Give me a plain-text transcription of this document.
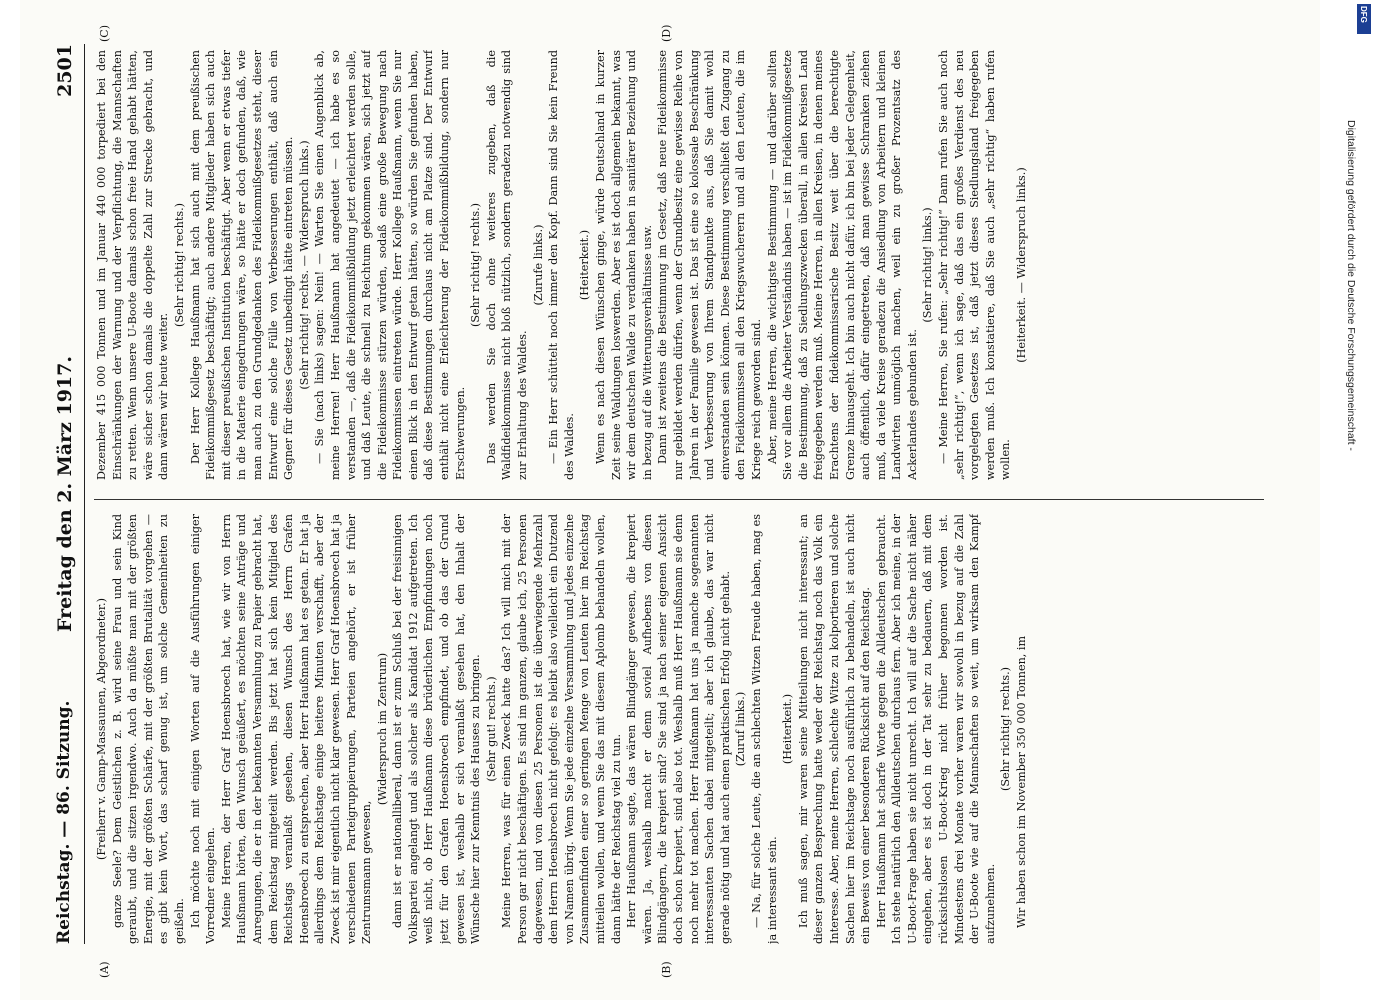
Reichstag. — 86. Sitzung.
Freitag den 2. März 1917.
2501
(A)	(B)
(C)	(D)

(Freiherr v. Gamp-Massaunen, Abgeordneter.) ganze Seele? Dem Geistlichen z. B. wird seine Frau und sein Kind geraubt, und die sitzen irgendwo. Auch da müßte man mit der größten Energie, mit der größten Schärfe, mit der größten Brutalität vorgehen — es gibt kein Wort, das scharf genug ist, um solche Gemeinheiten zu geißeln. Ich möchte noch mit einigen Worten auf die Ausführungen einiger Vorredner eingehen. Meine Herren, der Herr Graf Hoensbroech hat, wie wir von Herrn Haußmann hörten, den Wunsch geäußert, es möchten seine Anträge und Anregungen, die er in der bekannten Versammlung zu Papier gebracht hat, dem Reichstag mitgeteilt werden. Bis jetzt hat sich kein Mitglied des Reichstags veranlaßt gesehen, diesen Wunsch des Herrn Grafen Hoensbroech zu entsprechen, aber Herr Haußmann hat es getan. Er hat ja allerdings dem Reichstage einige heitere Minuten verschafft, aber der Zweck ist mir eigentlich nicht klar gewesen. Herr Graf Hoensbroech hat ja verschiedenen Parteigruppierungen, Parteien angehört, er ist früher Zentrumsmann gewesen,

(Widerspruch im Zentrum) dann ist er nationalliberal, dann ist er zum Schluß bei der freisinnigen Volkspartei angelangt und als solcher als Kandidat 1912 aufgetreten. Ich weiß nicht, ob Herr Haußmann diese brüderlichen Empfindungen noch jetzt für den Grafen Hoensbroech empfindet, und ob das der Grund gewesen ist, weshalb er sich veranlaßt gesehen hat, den Inhalt der Wünsche hier zur Kenntnis des Hauses zu bringen. (Sehr gut! rechts.) Meine Herren, was für einen Zweck hatte das? Ich will mich mit der Person gar nicht beschäftigen. Es sind im ganzen, glaube ich, 25 Personen dagewesen, und von diesen 25 Personen ist die überwiegende Mehrzahl dem Herrn Hoensbroech nicht gefolgt: es bleibt also vielleicht ein Dutzend von Namen übrig. Wenn Sie jede einzelne Versammlung und jedes einzelne Zusammenfinden einer so geringen Menge von Leuten hier im Reichstag mitteilen wollen, und wenn Sie das mit diesem Aplomb behandeln wollen, dann hätte der Reichstag viel zu tun. Herr Haußmann sagte, das wären Blindgänger gewesen, die krepiert wären. Ja, weshalb macht er denn soviel Aufhebens von diesen Blindgängern, die krepiert sind? Sie sind ja nach seiner eigenen Ansicht doch schon krepiert, sind also tot. Weshalb muß Herr Haußmann sie denn noch mehr tot machen. Herr Haußmann hat uns ja manche sogenannten interessanten Sachen dabei mitgeteilt; aber ich glaube, das war nicht gerade nötig und hat auch einen praktischen Erfolg nicht gehabt. (Zuruf links.) — Na, für solche Leute, die an schlechten Witzen Freude haben, mag es ja interessant sein.

(Heiterkeit.) Ich muß sagen, mir waren seine Mitteilungen nicht interessant; an dieser ganzen Besprechung hatte weder der Reichstag noch das Volk ein Interesse. Aber, meine Herren, schlechte Witze zu kolportieren und solche Sachen hier im Reichstage noch ausführlich zu behandeln, ist auch nicht ein Beweis von einer besonderen Rücksicht auf den Reichstag. Herr Haußmann hat scharfe Worte gegen die Alldeutschen gebraucht. Ich stehe natürlich den Alldeutschen durchaus fern. Aber ich meine, in der U-Boot-Frage haben sie nicht unrecht. Ich will auf die Sache nicht näher eingehen, aber es ist doch in der Tat sehr zu bedauern, daß mit dem rücksichtslosen U-Boot-Krieg nicht früher begonnen worden ist. Mindestens drei Monate vorher waren wir sowohl in bezug auf die Zahl der U-Boote wie auf die Mannschaften so weit, um wirksam den Kampf aufzunehmen.

(Sehr richtig! rechts.) Wir haben schon im November 350 000 Tonnen, im

Dezember 415 000 Tonnen und im Januar 440 000 torpediert bei den Einschränkungen der Warnung und der Verpflichtung, die Mannschaften zu retten. Wenn unsere U-Boote damals schon freie Hand gehabt hätten, wäre sicher schon damals die doppelte Zahl zur Strecke gebracht, und dann wären wir heute weiter.

(Sehr richtig! rechts.) Der Herr Kollege Haußmann hat sich auch mit dem preußischen Fideikommißgesetz beschäftigt; auch andere Mitglieder haben sich auch mit dieser preußischen Institution beschäftigt. Aber wenn er etwas tiefer in die Materie eingedrungen wäre, so hätte er doch gefunden, daß, wie man auch zu den Grundgedanken des Fideikommißgesetzes steht, dieser Entwurf eine solche Fülle von Verbesserungen enthält, daß auch ein Gegner für dieses Gesetz unbedingt hätte eintreten müssen. (Sehr richtig! rechts. — Widerspruch links.) — Sie (nach links) sagen: Nein! — Warten Sie einen Augenblick ab, meine Herren! Herr Haußmann hat angedeutet — ich habe es so verstanden —, daß die Fideikommißbildung jetzt erleichtert werden solle, und daß Leute, die schnell zu Reichtum gekommen wären, sich jetzt auf die Fideikommisse stürzen würden, sodaß eine große Bewegung nach Fideikommissen eintreten würde. Herr Kollege Haußmann, wenn Sie nur einen Blick in den Entwurf getan hätten, so würden Sie gefunden haben, daß diese Bestimmungen durchaus nicht am Platze sind. Der Entwurf enthält nicht eine Erleichterung der Fideikommißbildung, sondern nur Erschwerungen.

(Sehr richtig! rechts.) Das werden Sie doch ohne weiteres zugeben, daß die Waldfideikommisse nicht bloß nützlich, sondern geradezu notwendig sind zur Erhaltung des Waldes.

(Zurufe links.) — Ein Herr schüttelt noch immer den Kopf. Dann sind Sie kein Freund des Waldes.

(Heiterkeit.) Wenn es nach diesen Wünschen ginge, würde Deutschland in kurzer Zeit seine Waldungen loswerden. Aber es ist doch allgemein bekannt, was wir dem deutschen Walde zu verdanken haben in sanitärer Beziehung und in bezug auf die Witterungsverhältnisse usw. Dann ist zweitens die Bestimmung im Gesetz, daß neue Fideikommisse nur gebildet werden dürfen, wenn der Grundbesitz eine gewisse Reihe von Jahren in der Familie gewesen ist. Das ist eine so kolossale Beschränkung und Verbesserung von Ihrem Standpunkte aus, daß Sie damit wohl einverstanden sein können. Diese Bestimmung verschließt den Zugang zu den Fideikommissen all den Kriegswucherern und all den Leuten, die im Kriege reich geworden sind. Aber, meine Herren, die wichtigste Bestimmung — und darüber sollten Sie vor allem die Arbeiter Verständnis haben — ist im Fideikommißgesetze die Bestimmung, daß zu Siedlungszwecken überall, in allen Kreisen Land freigegeben werden muß. Meine Herren, in allen Kreisen, in denen meines Erachtens der fideikommissarische Besitz weit über die berechtigte Grenze hinausgeht. Ich bin auch nicht dafür, ich bin bei jeder Gelegenheit, auch öffentlich, dafür eingetreten, daß man gewisse Schranken ziehen muß, da viele Kreise geradezu die Ansiedlung von Arbeitern und kleinen Landwirten unmöglich machen, weil ein zu großer Prozentsatz des Ackerlandes gebunden ist.

(Sehr richtig! links.) — Meine Herren, Sie rufen: „Sehr richtig!“ Dann rufen Sie auch noch „sehr richtig!“, wenn ich sage, daß das ein großes Verdienst des neu vorgelegten Gesetzes ist, daß jetzt dieses Siedlungsland freigegeben werden muß. Ich konstatiere, daß Sie auch „sehr richtig“ haben rufen wollen.

(Heiterkeit. — Widerspruch links.)

DFG
Digitalisierung gefördert durch die Deutsche Forschungsgemeinschaft -
